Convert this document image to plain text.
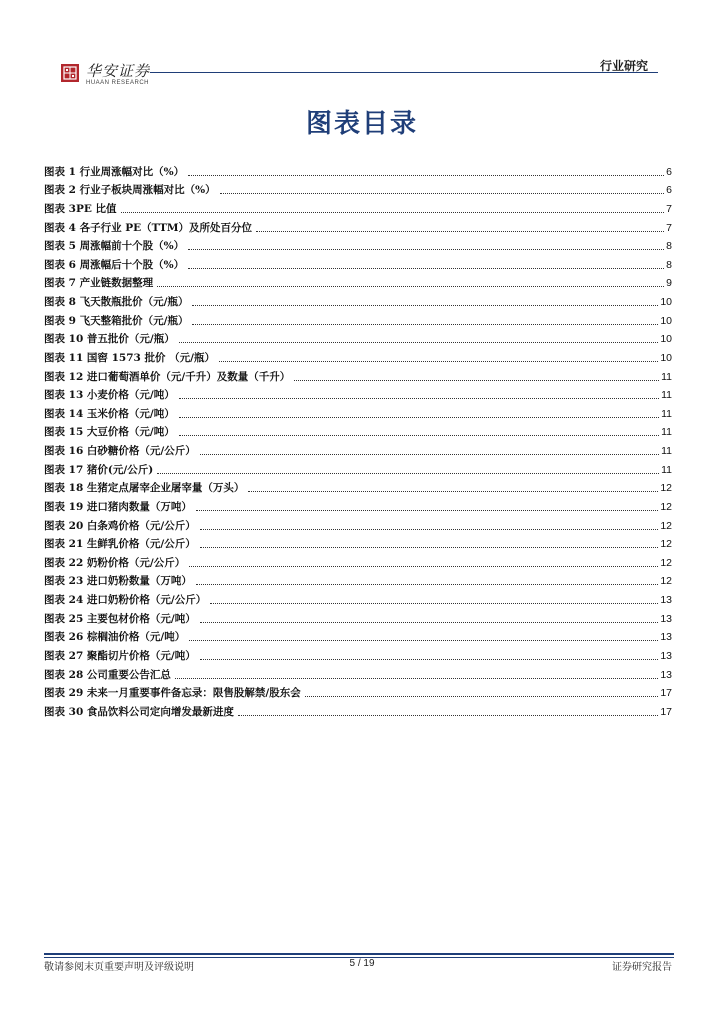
华安证券
HUAAN RESEARCH
行业研究
图表目录
图表 1 行业周涨幅对比（%）	6
图表 2 行业子板块周涨幅对比（%）	6
图表 3PE 比值	7
图表 4 各子行业 PE（TTM）及所处百分位	7
图表 5 周涨幅前十个股（%）	8
图表 6 周涨幅后十个股（%）	8
图表 7 产业链数据整理	9
图表 8 飞天散瓶批价（元/瓶）	10
图表 9 飞天整箱批价（元/瓶）	10
图表 10 普五批价（元/瓶）	10
图表 11 国窖 1573 批价 （元/瓶）	10
图表 12 进口葡萄酒单价（元/千升）及数量（千升）	11
图表 13 小麦价格（元/吨）	11
图表 14 玉米价格（元/吨）	11
图表 15 大豆价格（元/吨）	11
图表 16 白砂糖价格（元/公斤）	11
图表 17 猪价(元/公斤)	11
图表 18 生猪定点屠宰企业屠宰量（万头）	12
图表 19 进口猪肉数量（万吨）	12
图表 20 白条鸡价格（元/公斤）	12
图表 21 生鲜乳价格（元/公斤）	12
图表 22 奶粉价格（元/公斤）	12
图表 23 进口奶粉数量（万吨）	12
图表 24 进口奶粉价格（元/公斤）	13
图表 25 主要包材价格（元/吨）	13
图表 26 棕榈油价格（元/吨）	13
图表 27 聚酯切片价格（元/吨）	13
图表 28 公司重要公告汇总	13
图表 29 未来一月重要事件备忘录：限售股解禁/股东会	17
图表 30 食品饮料公司定向增发最新进度	17
敬请参阅末页重要声明及评级说明	5 / 19	证券研究报告
